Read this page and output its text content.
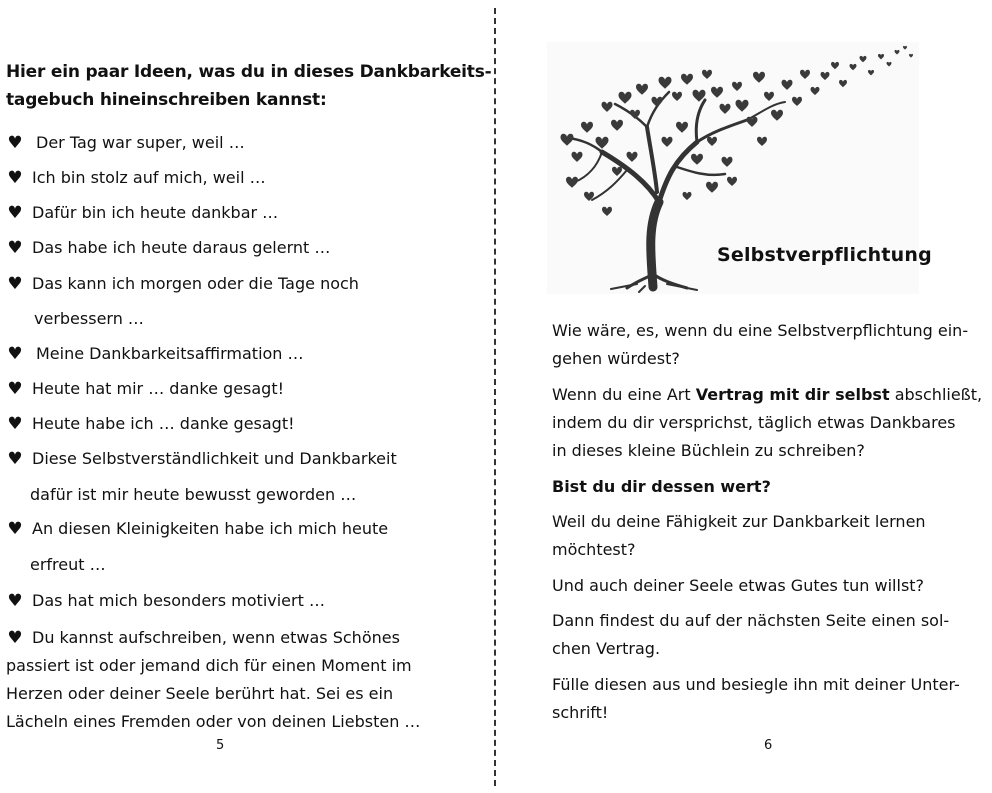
Hier ein paar Ideen, was du in dieses Dankbarkeits-
tagebuch hineinschreiben kannst:
♥ Der Tag war super, weil …
♥ Ich bin stolz auf mich, weil …
♥ Dafür bin ich heute dankbar …
♥ Das habe ich heute daraus gelernt …
♥ Das kann ich morgen oder die Tage noch
verbessern …
♥ Meine Dankbarkeitsaffirmation …
♥ Heute hat mir … danke gesagt!
♥ Heute habe ich … danke gesagt!
♥ Diese Selbstverständlichkeit und Dankbarkeit
dafür ist mir heute bewusst geworden …
♥ An diesen Kleinigkeiten habe ich mich heute
erfreut …
♥ Das hat mich besonders motiviert …
♥ Du kannst aufschreiben, wenn etwas Schönes
passiert ist oder jemand dich für einen Moment im
Herzen oder deiner Seele berührt hat. Sei es ein
Lächeln eines Fremden oder von deinen Liebsten …
5
Selbstverpflichtung
Wie wäre, es, wenn du eine Selbstverpflichtung ein-
gehen würdest?
Wenn du eine Art Vertrag mit dir selbst abschließt,
indem du dir versprichst, täglich etwas Dankbares
in dieses kleine Büchlein zu schreiben?
Bist du dir dessen wert?
Weil du deine Fähigkeit zur Dankbarkeit lernen
möchtest?
Und auch deiner Seele etwas Gutes tun willst?
Dann findest du auf der nächsten Seite einen sol-
chen Vertrag.
Fülle diesen aus und besiegle ihn mit deiner Unter-
schrift!
6
